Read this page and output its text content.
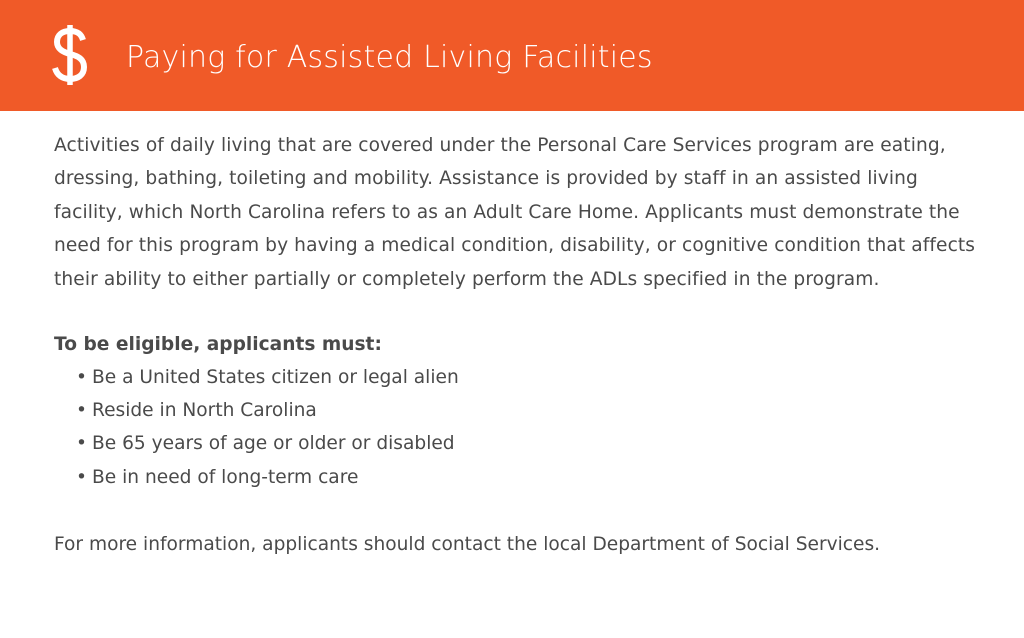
Paying for Assisted Living Facilities

Activities of daily living that are covered under the Personal Care Services program are eating, dressing, bathing, toileting and mobility. Assistance is provided by staff in an assisted living facility, which North Carolina refers to as an Adult Care Home. Applicants must demonstrate the need for this program by having a medical condition, disability, or cognitive condition that affects their ability to either partially or completely perform the ADLs specified in the program.

To be eligible, applicants must:
• Be a United States citizen or legal alien
• Reside in North Carolina
• Be 65 years of age or older or disabled
• Be in need of long-term care

For more information, applicants should contact the local Department of Social Services.
